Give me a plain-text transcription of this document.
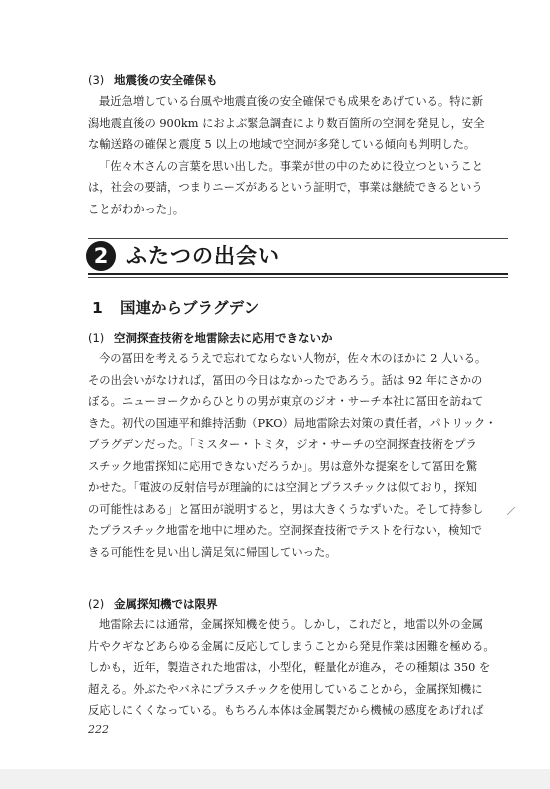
(3) 地震後の安全確保も
最近急増している台風や地震直後の安全確保でも成果をあげている。特に新
潟地震直後の 900km におよぶ緊急調査により数百箇所の空洞を発見し，安全
な輸送路の確保と震度 5 以上の地域で空洞が多発している傾向も判明した。
「佐々木さんの言葉を思い出した。事業が世の中のために役立つということ
は，社会の要請，つまりニーズがあるという証明で，事業は継続できるという
ことがわかった」。
2 ふたつの出会い
1 国連からブラグデン
(1) 空洞探査技術を地雷除去に応用できないか
今の冨田を考えるうえで忘れてならない人物が，佐々木のほかに 2 人いる。
その出会いがなければ，冨田の今日はなかったであろう。話は 92 年にさかの
ぼる。ニューヨークからひとりの男が東京のジオ・サーチ本社に冨田を訪ねて
きた。初代の国連平和維持活動（PKO）局地雷除去対策の責任者，パトリック・
ブラグデンだった。「ミスター・トミタ，ジオ・サーチの空洞探査技術をプラ
スチック地雷探知に応用できないだろうか」。男は意外な提案をして冨田を驚
かせた。「電波の反射信号が理論的には空洞とプラスチックは似ており，探知
の可能性はある」と冨田が説明すると，男は大きくうなずいた。そして持参し
たプラスチック地雷を地中に埋めた。空洞探査技術でテストを行ない，検知で
きる可能性を見い出し満足気に帰国していった。
(2) 金属探知機では限界
地雷除去には通常，金属探知機を使う。しかし，これだと，地雷以外の金属
片やクギなどあらゆる金属に反応してしまうことから発見作業は困難を極める。
しかも，近年，製造された地雷は，小型化，軽量化が進み，その種類は 350 を
超える。外ぶたやバネにプラスチックを使用していることから，金属探知機に
反応しにくくなっている。もちろん本体は金属製だから機械の感度をあげれば
222
